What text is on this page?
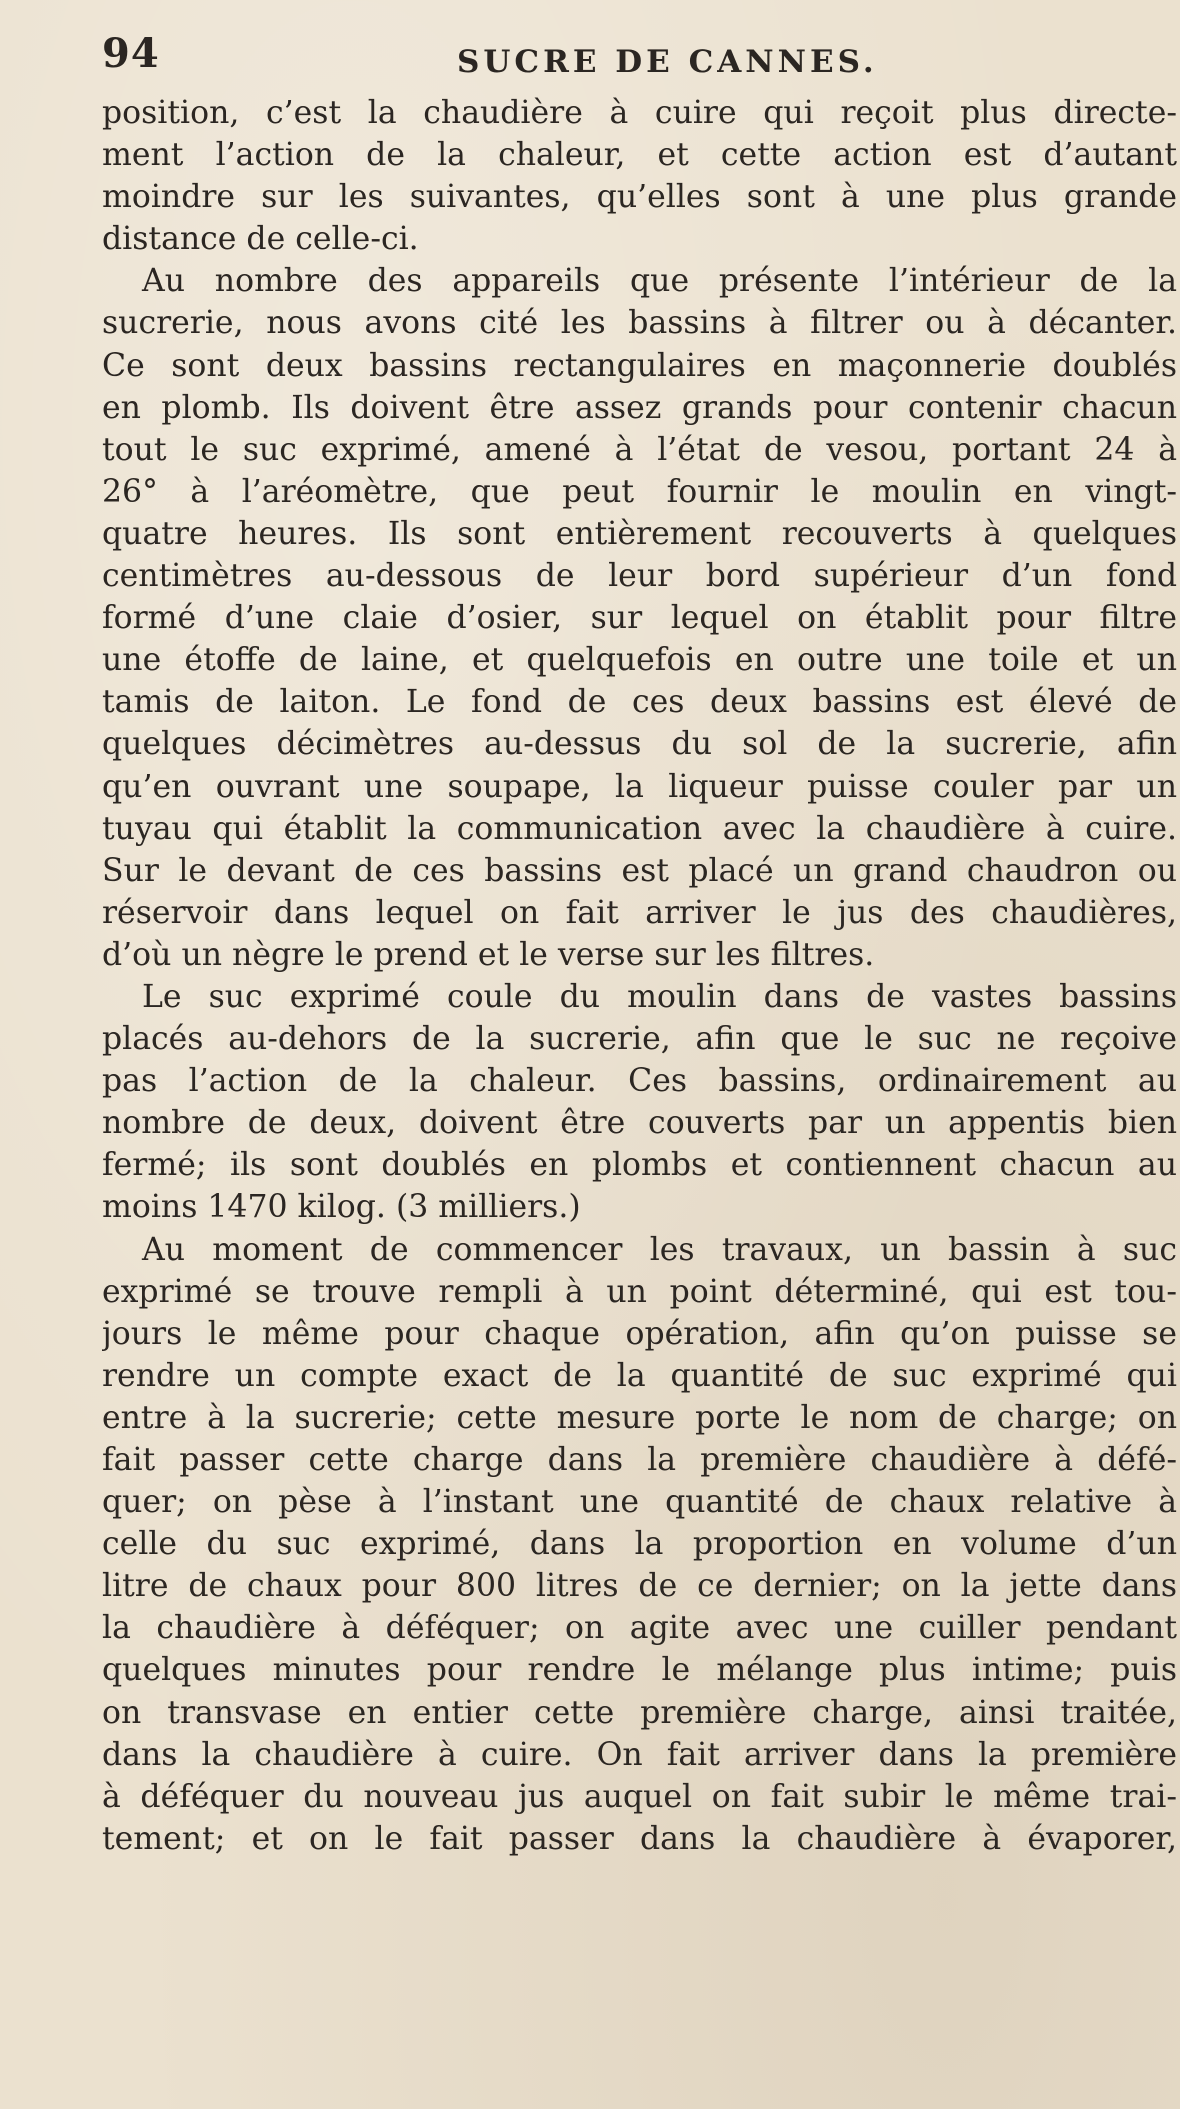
94	SUCRE DE CANNES.
position, c’est la chaudière à cuire qui reçoit plus directe-
ment l’action de la chaleur, et cette action est d’autant
moindre sur les suivantes, qu’elles sont à une plus grande
distance de celle-ci.
Au nombre des appareils que présente l’intérieur de la
sucrerie, nous avons cité les bassins à filtrer ou à décanter.
Ce sont deux bassins rectangulaires en maçonnerie doublés
en plomb. Ils doivent être assez grands pour contenir chacun
tout le suc exprimé, amené à l’état de vesou, portant 24 à
26° à l’aréomètre, que peut fournir le moulin en vingt-
quatre heures. Ils sont entièrement recouverts à quelques
centimètres au-dessous de leur bord supérieur d’un fond
formé d’une claie d’osier, sur lequel on établit pour filtre
une étoffe de laine, et quelquefois en outre une toile et un
tamis de laiton. Le fond de ces deux bassins est élevé de
quelques décimètres au-dessus du sol de la sucrerie, afin
qu’en ouvrant une soupape, la liqueur puisse couler par un
tuyau qui établit la communication avec la chaudière à cuire.
Sur le devant de ces bassins est placé un grand chaudron ou
réservoir dans lequel on fait arriver le jus des chaudières,
d’où un nègre le prend et le verse sur les filtres.
Le suc exprimé coule du moulin dans de vastes bassins
placés au-dehors de la sucrerie, afin que le suc ne reçoive
pas l’action de la chaleur. Ces bassins, ordinairement au
nombre de deux, doivent être couverts par un appentis bien
fermé; ils sont doublés en plombs et contiennent chacun au
moins 1470 kilog. (3 milliers.)
Au moment de commencer les travaux, un bassin à suc
exprimé se trouve rempli à un point déterminé, qui est tou-
jours le même pour chaque opération, afin qu’on puisse se
rendre un compte exact de la quantité de suc exprimé qui
entre à la sucrerie; cette mesure porte le nom de charge; on
fait passer cette charge dans la première chaudière à défé-
quer; on pèse à l’instant une quantité de chaux relative à
celle du suc exprimé, dans la proportion en volume d’un
litre de chaux pour 800 litres de ce dernier; on la jette dans
la chaudière à déféquer; on agite avec une cuiller pendant
quelques minutes pour rendre le mélange plus intime; puis
on transvase en entier cette première charge, ainsi traitée,
dans la chaudière à cuire. On fait arriver dans la première
à déféquer du nouveau jus auquel on fait subir le même trai-
tement; et on le fait passer dans la chaudière à évaporer,
